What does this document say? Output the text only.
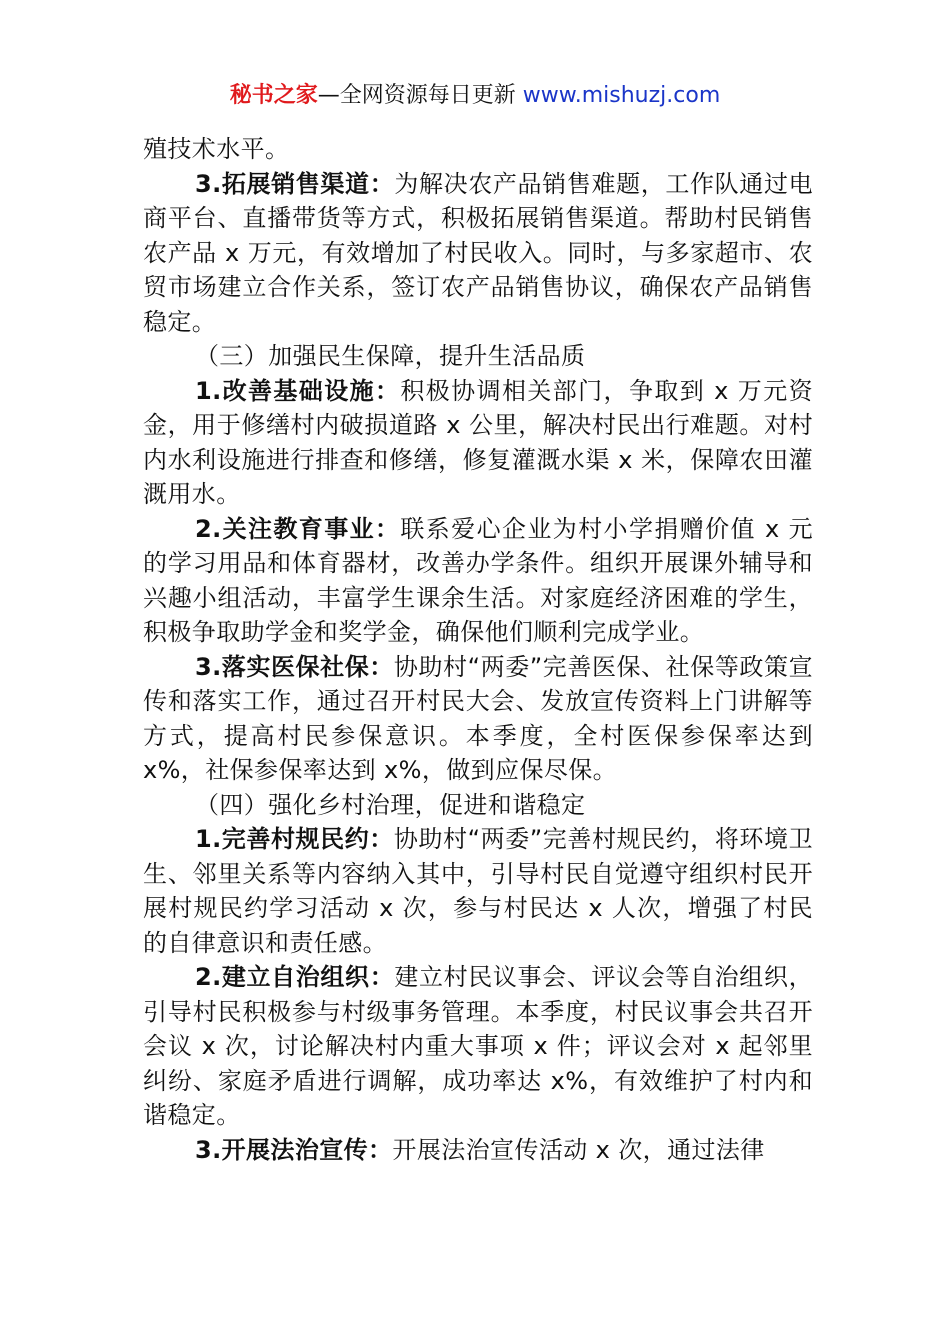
秘书之家—全网资源每日更新 www.mishuzj.com

殖技术水平。

3.拓展销售渠道：为解决农产品销售难题，工作队通过电商平台、直播带货等方式，积极拓展销售渠道。帮助村民销售农产品 x 万元，有效增加了村民收入。同时，与多家超市、农贸市场建立合作关系，签订农产品销售协议，确保农产品销售稳定。

（三）加强民生保障，提升生活品质

1.改善基础设施：积极协调相关部门，争取到 x 万元资金，用于修缮村内破损道路 x 公里，解决村民出行难题。对村内水利设施进行排查和修缮，修复灌溉水渠 x 米，保障农田灌溉用水。

2.关注教育事业：联系爱心企业为村小学捐赠价值 x 元的学习用品和体育器材，改善办学条件。组织开展课外辅导和兴趣小组活动，丰富学生课余生活。对家庭经济困难的学生，积极争取助学金和奖学金，确保他们顺利完成学业。

3.落实医保社保：协助村“两委”完善医保、社保等政策宣传和落实工作，通过召开村民大会、发放宣传资料上门讲解等方式，提高村民参保意识。本季度，全村医保参保率达到 x%，社保参保率达到 x%，做到应保尽保。

（四）强化乡村治理，促进和谐稳定

1.完善村规民约：协助村“两委”完善村规民约，将环境卫生、邻里关系等内容纳入其中，引导村民自觉遵守组织村民开展村规民约学习活动 x 次，参与村民达 x 人次，增强了村民的自律意识和责任感。

2.建立自治组织：建立村民议事会、评议会等自治组织，引导村民积极参与村级事务管理。本季度，村民议事会共召开会议 x 次，讨论解决村内重大事项 x 件；评议会对 x 起邻里纠纷、家庭矛盾进行调解，成功率达 x%，有效维护了村内和谐稳定。

3.开展法治宣传：开展法治宣传活动 x 次，通过法律
